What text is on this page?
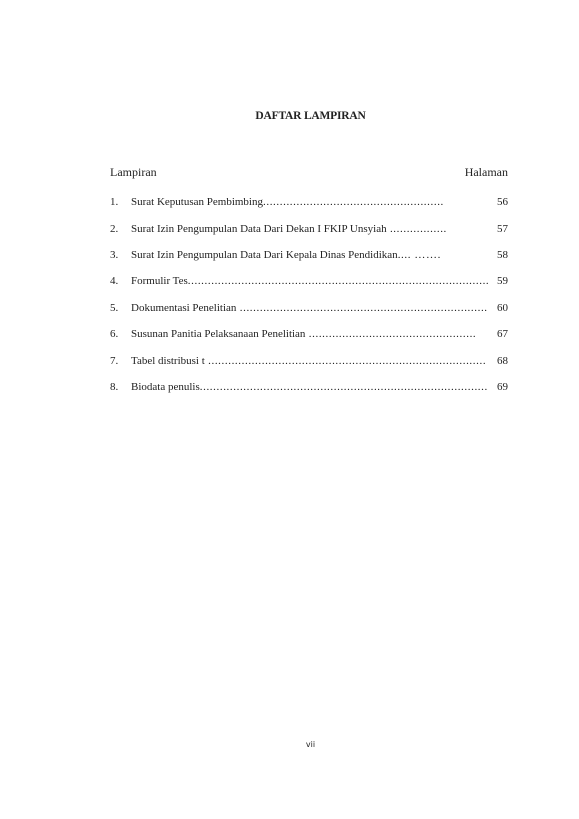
DAFTAR LAMPIRAN
Lampiran	Halaman
1. Surat Keputusan Pembimbing......................................................	56
2. Surat Izin Pengumpulan Data Dari Dekan I FKIP Unsyiah .................	57
3. Surat Izin Pengumpulan Data Dari Kepala Dinas Pendidikan.... …….	58
4. Formulir Tes.......................................................................................... 59
5. Dokumentasi Penelitian .......................................................................... 60
6. Susunan Panitia Pelaksanaan Penelitian .................................................. 67
7. Tabel distribusi t ................................................................................... 68
8. Biodata penulis...................................................................................... 69
vii
